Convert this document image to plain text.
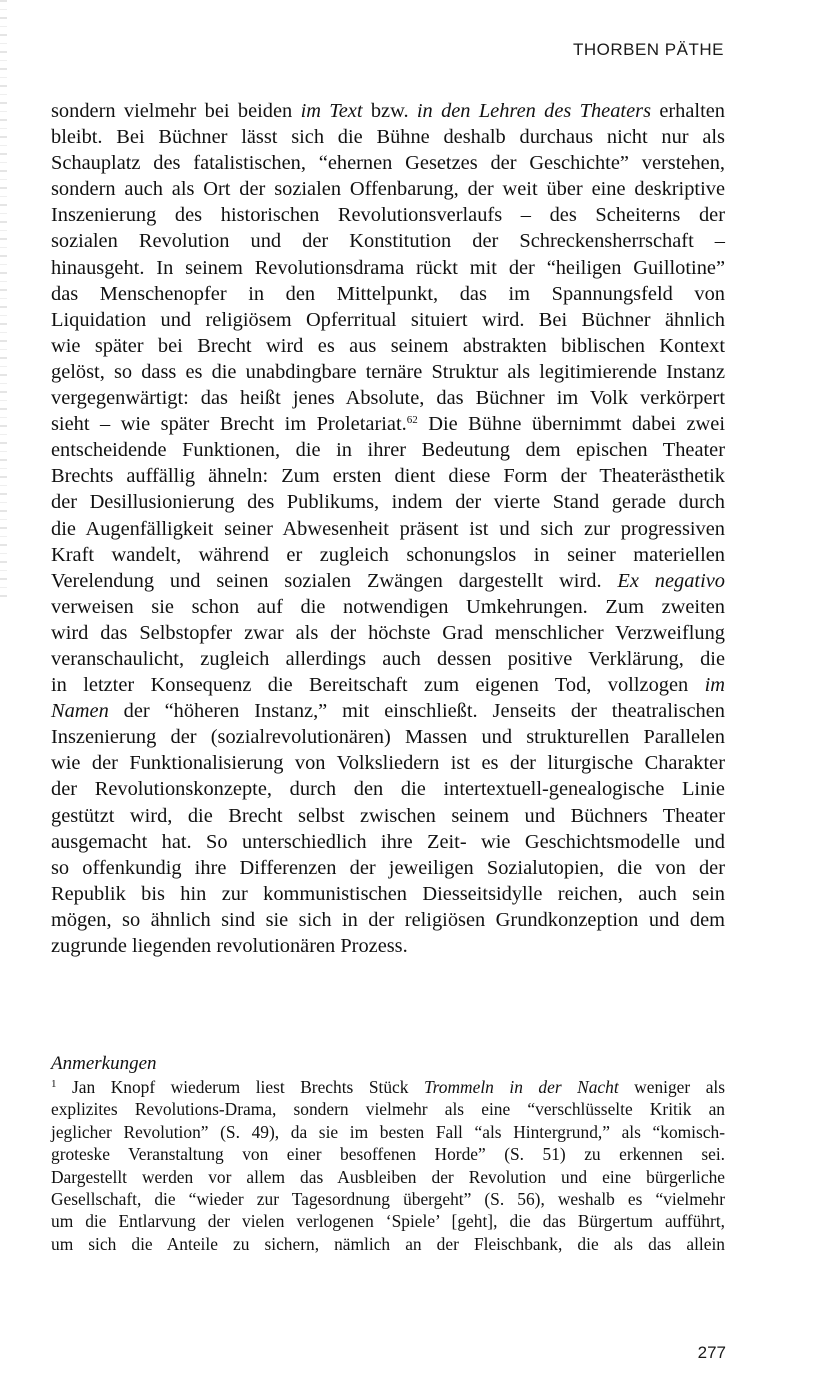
THORBEN PÄTHE
sondern vielmehr bei beiden im Text bzw. in den Lehren des Theaters erhalten
bleibt. Bei Büchner lässt sich die Bühne deshalb durchaus nicht nur als
Schauplatz des fatalistischen, “ehernen Gesetzes der Geschichte” verstehen,
sondern auch als Ort der sozialen Offenbarung, der weit über eine deskriptive
Inszenierung des historischen Revolutionsverlaufs – des Scheiterns der
sozialen Revolution und der Konstitution der Schreckensherrschaft –
hinausgeht. In seinem Revolutionsdrama rückt mit der “heiligen Guillotine”
das Menschenopfer in den Mittelpunkt, das im Spannungsfeld von
Liquidation und religiösem Opferritual situiert wird. Bei Büchner ähnlich
wie später bei Brecht wird es aus seinem abstrakten biblischen Kontext
gelöst, so dass es die unabdingbare ternäre Struktur als legitimierende Instanz
vergegenwärtigt: das heißt jenes Absolute, das Büchner im Volk verkörpert
sieht – wie später Brecht im Proletariat.$^{62}$ Die Bühne übernimmt dabei zwei
entscheidende Funktionen, die in ihrer Bedeutung dem epischen Theater
Brechts auffällig ähneln: Zum ersten dient diese Form der Theaterästhetik
der Desillusionierung des Publikums, indem der vierte Stand gerade durch
die Augenfälligkeit seiner Abwesenheit präsent ist und sich zur progressiven
Kraft wandelt, während er zugleich schonungslos in seiner materiellen
Verelendung und seinen sozialen Zwängen dargestellt wird. Ex negativo
verweisen sie schon auf die notwendigen Umkehrungen. Zum zweiten
wird das Selbstopfer zwar als der höchste Grad menschlicher Verzweiflung
veranschaulicht, zugleich allerdings auch dessen positive Verklärung, die
in letzter Konsequenz die Bereitschaft zum eigenen Tod, vollzogen im
Namen der “höheren Instanz,” mit einschließt. Jenseits der theatralischen
Inszenierung der (sozialrevolutionären) Massen und strukturellen Parallelen
wie der Funktionalisierung von Volksliedern ist es der liturgische Charakter
der Revolutionskonzepte, durch den die intertextuell-genealogische Linie
gestützt wird, die Brecht selbst zwischen seinem und Büchners Theater
ausgemacht hat. So unterschiedlich ihre Zeit- wie Geschichtsmodelle und
so offenkundig ihre Differenzen der jeweiligen Sozialutopien, die von der
Republik bis hin zur kommunistischen Diesseitsidylle reichen, auch sein
mögen, so ähnlich sind sie sich in der religiösen Grundkonzeption und dem
zugrunde liegenden revolutionären Prozess.
Anmerkungen
$^1$ Jan Knopf wiederum liest Brechts Stück Trommeln in der Nacht weniger als
explizites Revolutions-Drama, sondern vielmehr als eine “verschlüsselte Kritik an
jeglicher Revolution” (S. 49), da sie im besten Fall “als Hintergrund,” als “komisch-
groteske Veranstaltung von einer besoffenen Horde” (S. 51) zu erkennen sei.
Dargestellt werden vor allem das Ausbleiben der Revolution und eine bürgerliche
Gesellschaft, die “wieder zur Tagesordnung übergeht” (S. 56), weshalb es “vielmehr
um die Entlarvung der vielen verlogenen ‘Spiele’ [geht], die das Bürgertum aufführt,
um sich die Anteile zu sichern, nämlich an der Fleischbank, die als das allein
277
